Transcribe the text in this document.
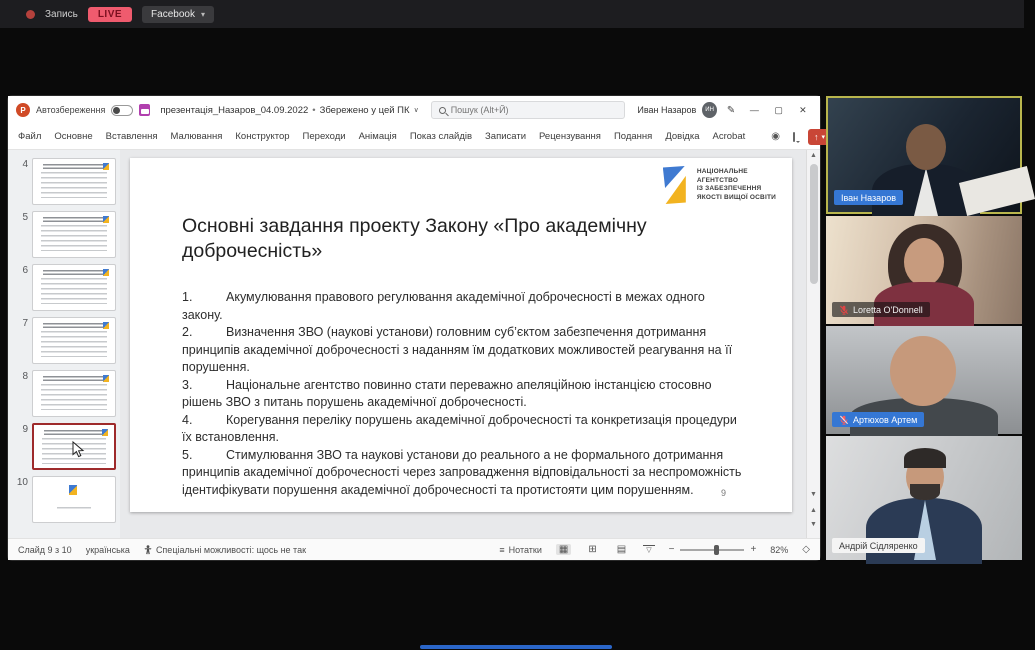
Запись	LIVE	Facebook ▾
P	Автозбереження	презентація_Назаров_04.09.2022 • Збережено у цей ПК ∨
Пошук (Alt+Й)	Иван Назаров	ИН	✎	—	▢	✕
Файл Основне Вставлення Малювання Конструктор Переходи Анімація Показ слайдів Записати Рецензування Подання Довідка Acrobat	◉	↑ ▾
4
5
6
7
8
9
10
НАЦІОНАЛЬНЕ
АГЕНТСТВО
ІЗ ЗАБЕЗПЕЧЕННЯ
ЯКОСТІ ВИЩОЇ ОСВІТИ
Основні завдання проекту Закону «Про академічну доброчесність»

1.	Акумулювання правового регулювання академічної доброчесності в межах одного закону.

2.	Визначення ЗВО (наукові установи) головним суб’єктом забезпечення дотримання принципів академічної доброчесності з наданням їм додаткових можливостей реагування на її порушення.

3.	Національне агентство повинно стати переважно апеляційною інстанцією стосовно рішень ЗВО з питань порушень академічної доброчесності.

4.	Корегування переліку порушень академічної доброчесності та конкретизація процедури їх встановлення.

5.	Стимулювання ЗВО та наукові установи до реального а не формального дотримання принципів академічної доброчесності через запровадження відповідальності за неспроможність ідентифікувати порушення академічної доброчесності та протистояти цим порушенням.	9
▲
▼
▲
▼
Слайд 9 з 10 українська	Спеціальні можливості: щось не так	≡ Нотатки	▦	⊞	▤	▽	−	+ 82% ◇
Іван Назаров
Loretta O'Donnell
Артюхов Артем
Андрій Сідляренко
